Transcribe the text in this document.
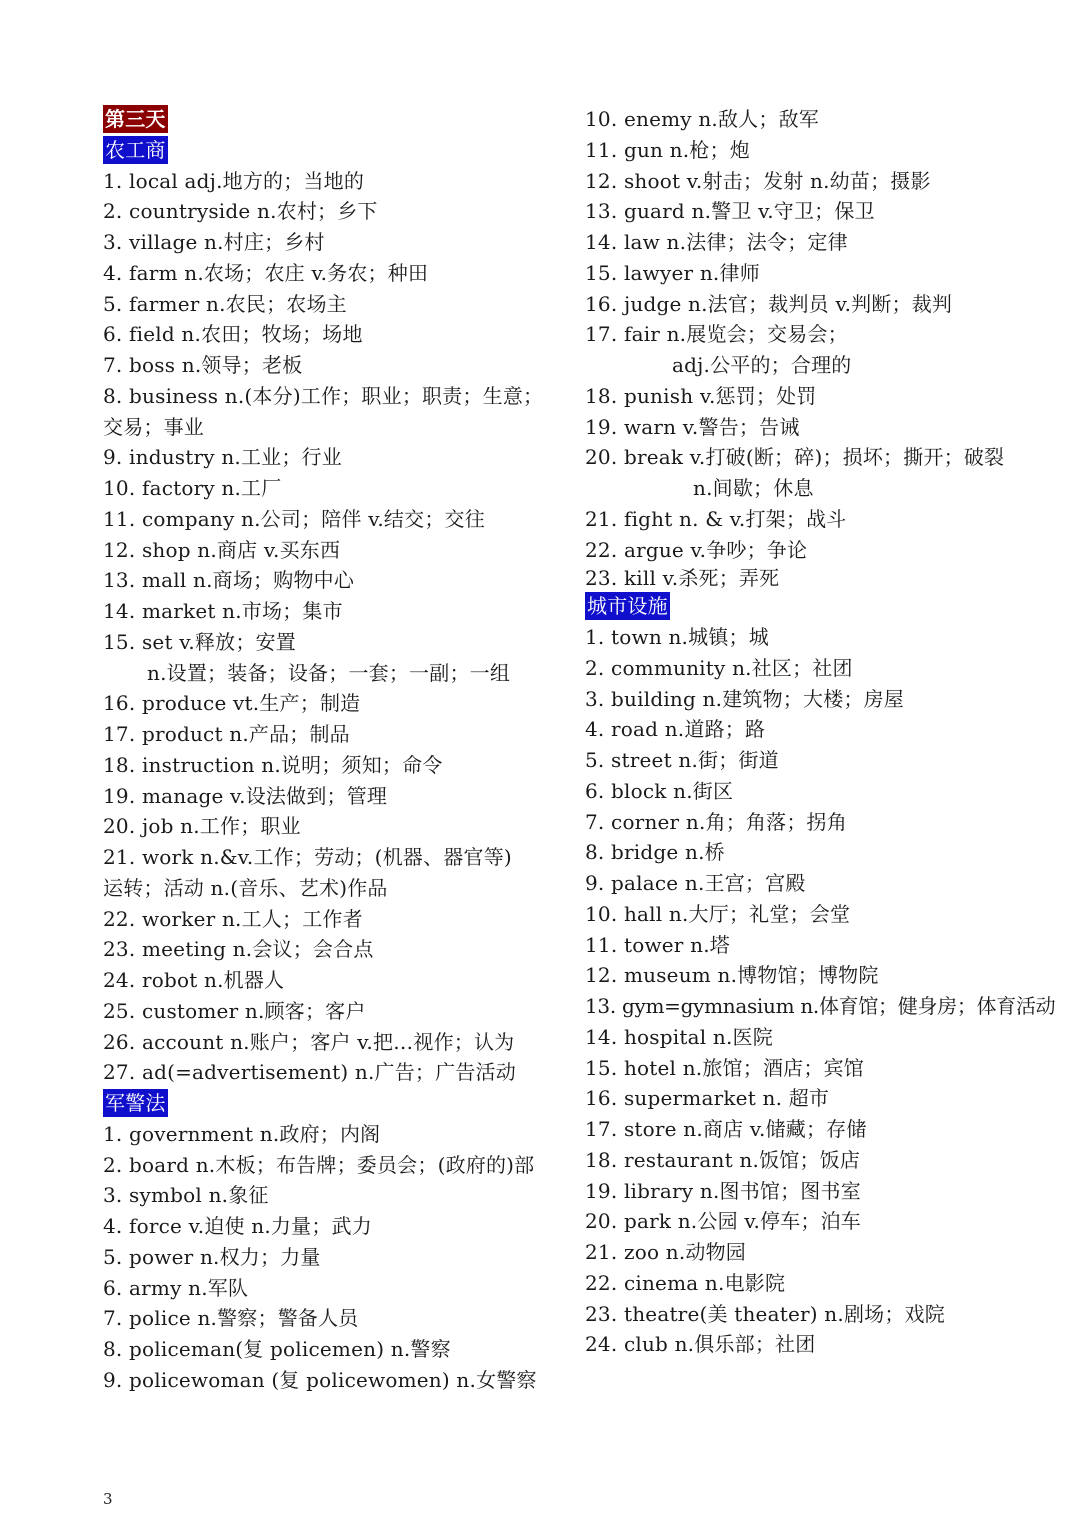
第三天
农工商
1. local adj.地方的；当地的
2. countryside n.农村；乡下
3. village n.村庄；乡村
4. farm n.农场；农庄 v.务农；种田
5. farmer n.农民；农场主
6. field n.农田；牧场；场地
7. boss n.领导；老板
8. business n.(本分)工作；职业；职责；生意；
交易；事业
9. industry n.工业；行业
10. factory n.工厂
11. company n.公司；陪伴 v.结交；交往
12. shop n.商店 v.买东西
13. mall n.商场；购物中心
14. market n.市场；集市
15. set v.释放；安置
n.设置；装备；设备；一套；一副；一组
16. produce vt.生产；制造
17. product n.产品；制品
18. instruction n.说明；须知；命令
19. manage v.设法做到；管理
20. job n.工作；职业
21. work n.&v.工作；劳动；(机器、器官等)
运转；活动 n.(音乐、艺术)作品
22. worker n.工人；工作者
23. meeting n.会议；会合点
24. robot n.机器人
25. customer n.顾客；客户
26. account n.账户；客户 v.把…视作；认为
27. ad(=advertisement) n.广告；广告活动
军警法
1. government n.政府；内阁
2. board n.木板；布告牌；委员会；(政府的)部
3. symbol n.象征
4. force v.迫使 n.力量；武力
5. power n.权力；力量
6. army n.军队
7. police n.警察；警备人员
8. policeman(复 policemen) n.警察
9. policewoman (复 policewomen) n.女警察
10. enemy n.敌人；敌军
11. gun n.枪；炮
12. shoot v.射击；发射 n.幼苗；摄影
13. guard n.警卫 v.守卫；保卫
14. law n.法律；法令；定律
15. lawyer n.律师
16. judge n.法官；裁判员 v.判断；裁判
17. fair n.展览会；交易会；
adj.公平的；合理的
18. punish v.惩罚；处罚
19. warn v.警告；告诫
20. break v.打破(断；碎)；损坏；撕开；破裂
n.间歇；休息
21. fight n. & v.打架；战斗
22. argue v.争吵；争论
23. kill v.杀死；弄死
城市设施
1. town n.城镇；城
2. community n.社区；社团
3. building n.建筑物；大楼；房屋
4. road n.道路；路
5. street n.街；街道
6. block n.街区
7. corner n.角；角落；拐角
8. bridge n.桥
9. palace n.王宫；宫殿
10. hall n.大厅；礼堂；会堂
11. tower n.塔
12. museum n.博物馆；博物院
13. gym=gymnasium n.体育馆；健身房；体育活动
14. hospital n.医院
15. hotel n.旅馆；酒店；宾馆
16. supermarket n. 超市
17. store n.商店 v.储藏；存储
18. restaurant n.饭馆；饭店
19. library n.图书馆；图书室
20. park n.公园 v.停车；泊车
21. zoo n.动物园
22. cinema n.电影院
23. theatre(美 theater) n.剧场；戏院
24. club n.俱乐部；社团
3
